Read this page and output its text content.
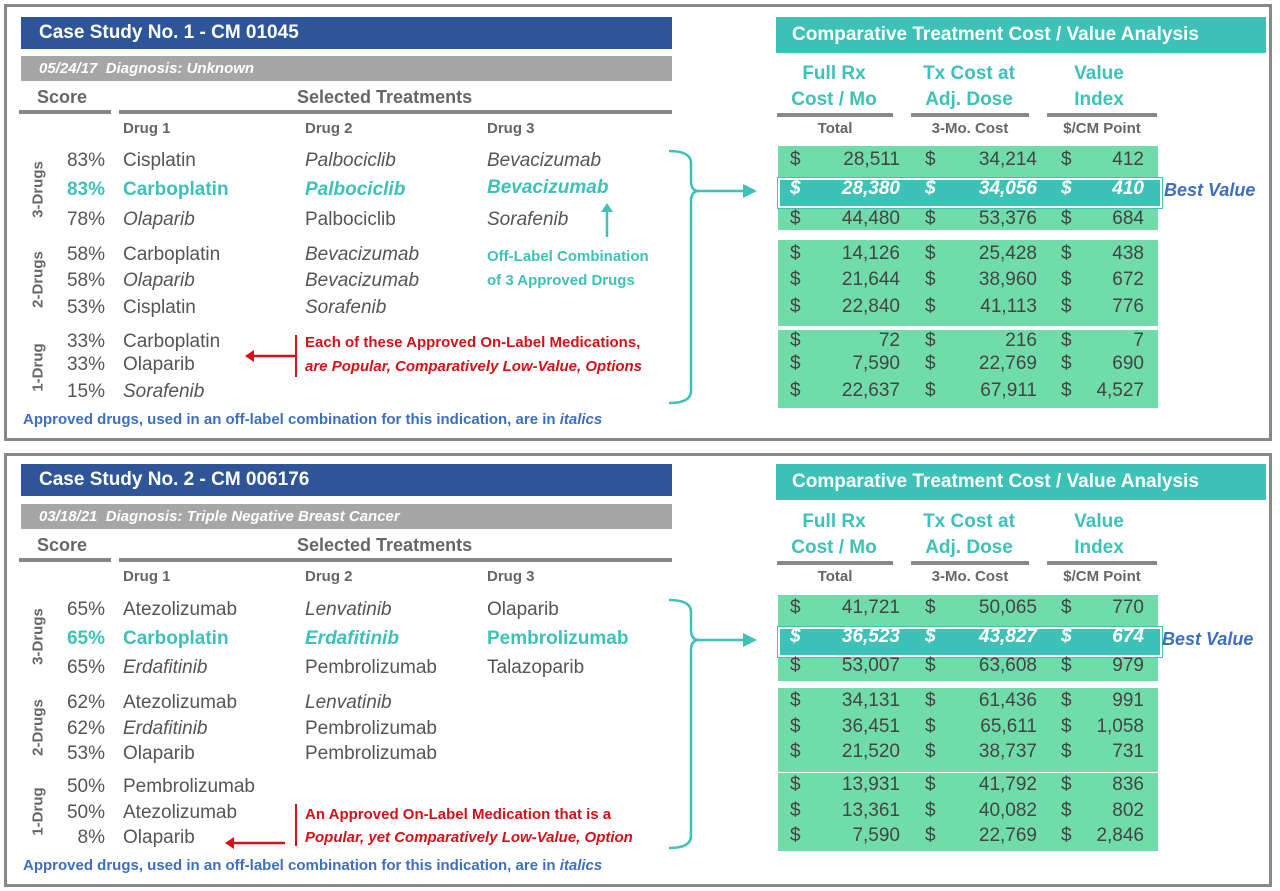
Case Study No. 1 - CM 01045
05/24/17 Diagnosis: Unknown
Score	Selected Treatments
Drug 1	Drug 2	Drug 3
3-Drugs
2-Drugs
1-Drug
83% Cisplatin	Palbociclib	Bevacizumab
83% Carboplatin	Palbociclib	Bevacizumab
78% Olaparib	Palbociclib	Sorafenib
58% Carboplatin	Bevacizumab
58% Olaparib	Bevacizumab
53% Cisplatin	Sorafenib
33% Carboplatin
33% Olaparib
15% Sorafenib
Off-Label Combination
of 3 Approved Drugs
Each of these Approved On-Label Medications,
are Popular, Comparatively Low-Value, Options
Approved drugs, used in an off-label combination for this indication, are in italics
Comparative Treatment Cost / Value Analysis
Full Rx
Cost / Mo
Tx Cost at
Adj. Dose
Value
Index
Total	3-Mo. Cost	$/CM Point
Best Value
$ 28,511 $ 34,214 $ 412
$ 28,380 $ 34,056 $ 410
$ 44,480 $ 53,376 $ 684
$ 14,126 $ 25,428 $ 438
$ 21,644 $ 38,960 $ 672
$ 22,840 $ 41,113 $ 776
$	72 $	216 $	7
$	7,590 $ 22,769 $ 690
$ 22,637 $ 67,911 $ 4,527
Case Study No. 2 - CM 006176
03/18/21 Diagnosis: Triple Negative Breast Cancer
Score	Selected Treatments
Drug 1	Drug 2	Drug 3
3-Drugs
2-Drugs
1-Drug
65% Atezolizumab	Lenvatinib	Olaparib
65% Carboplatin	Erdafitinib	Pembrolizumab
65% Erdafitinib	Pembrolizumab	Talazoparib
62% Atezolizumab	Lenvatinib
62% Erdafitinib	Pembrolizumab
53% Olaparib	Pembrolizumab
50% Pembrolizumab
50% Atezolizumab
8% Olaparib
An Approved On-Label Medication that is a
Popular, yet Comparatively Low-Value, Option
Approved drugs, used in an off-label combination for this indication, are in italics
Comparative Treatment Cost / Value Analysis
Full Rx
Cost / Mo
Tx Cost at
Adj. Dose
Value
Index
Total	3-Mo. Cost	$/CM Point
Best Value
$ 41,721 $ 50,065 $ 770
$ 36,523 $ 43,827 $ 674
$ 53,007 $ 63,608 $ 979
$ 34,131 $ 61,436 $ 991
$ 36,451 $ 65,611 $ 1,058
$ 21,520 $ 38,737 $ 731
$ 13,931 $ 41,792 $ 836
$ 13,361 $ 40,082 $ 802
$	7,590 $ 22,769 $ 2,846
